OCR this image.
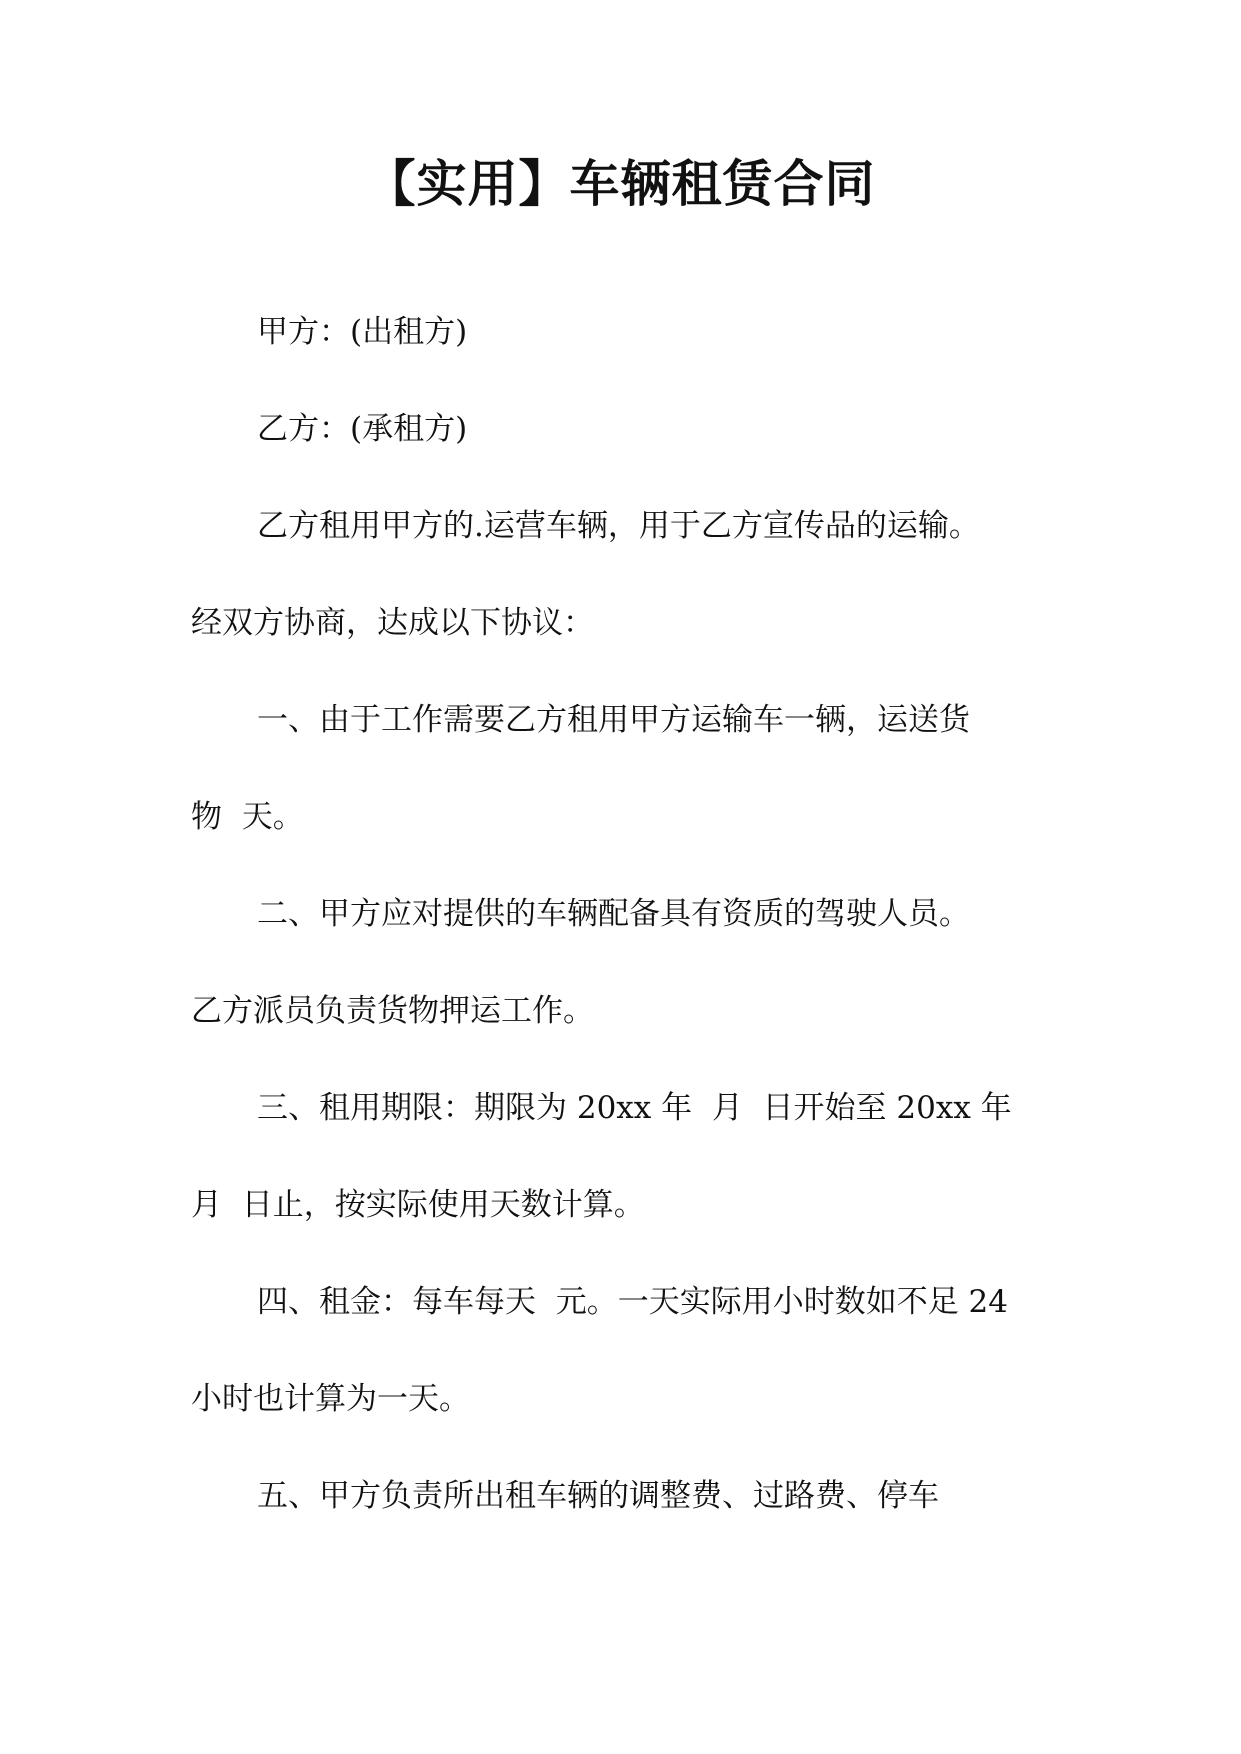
【实用】车辆租赁合同

甲方：(出租方)

乙方：(承租方)

乙方租用甲方的.运营车辆，用于乙方宣传品的运输。

经双方协商，达成以下协议：

一、由于工作需要乙方租用甲方运输车一辆，运送货

物  天。

二、甲方应对提供的车辆配备具有资质的驾驶人员。

乙方派员负责货物押运工作。

三、租用期限：期限为 20xx 年  月  日开始至 20xx 年

月  日止，按实际使用天数计算。

四、租金：每车每天  元。一天实际用小时数如不足 24

小时也计算为一天。

五、甲方负责所出租车辆的调整费、过路费、停车
